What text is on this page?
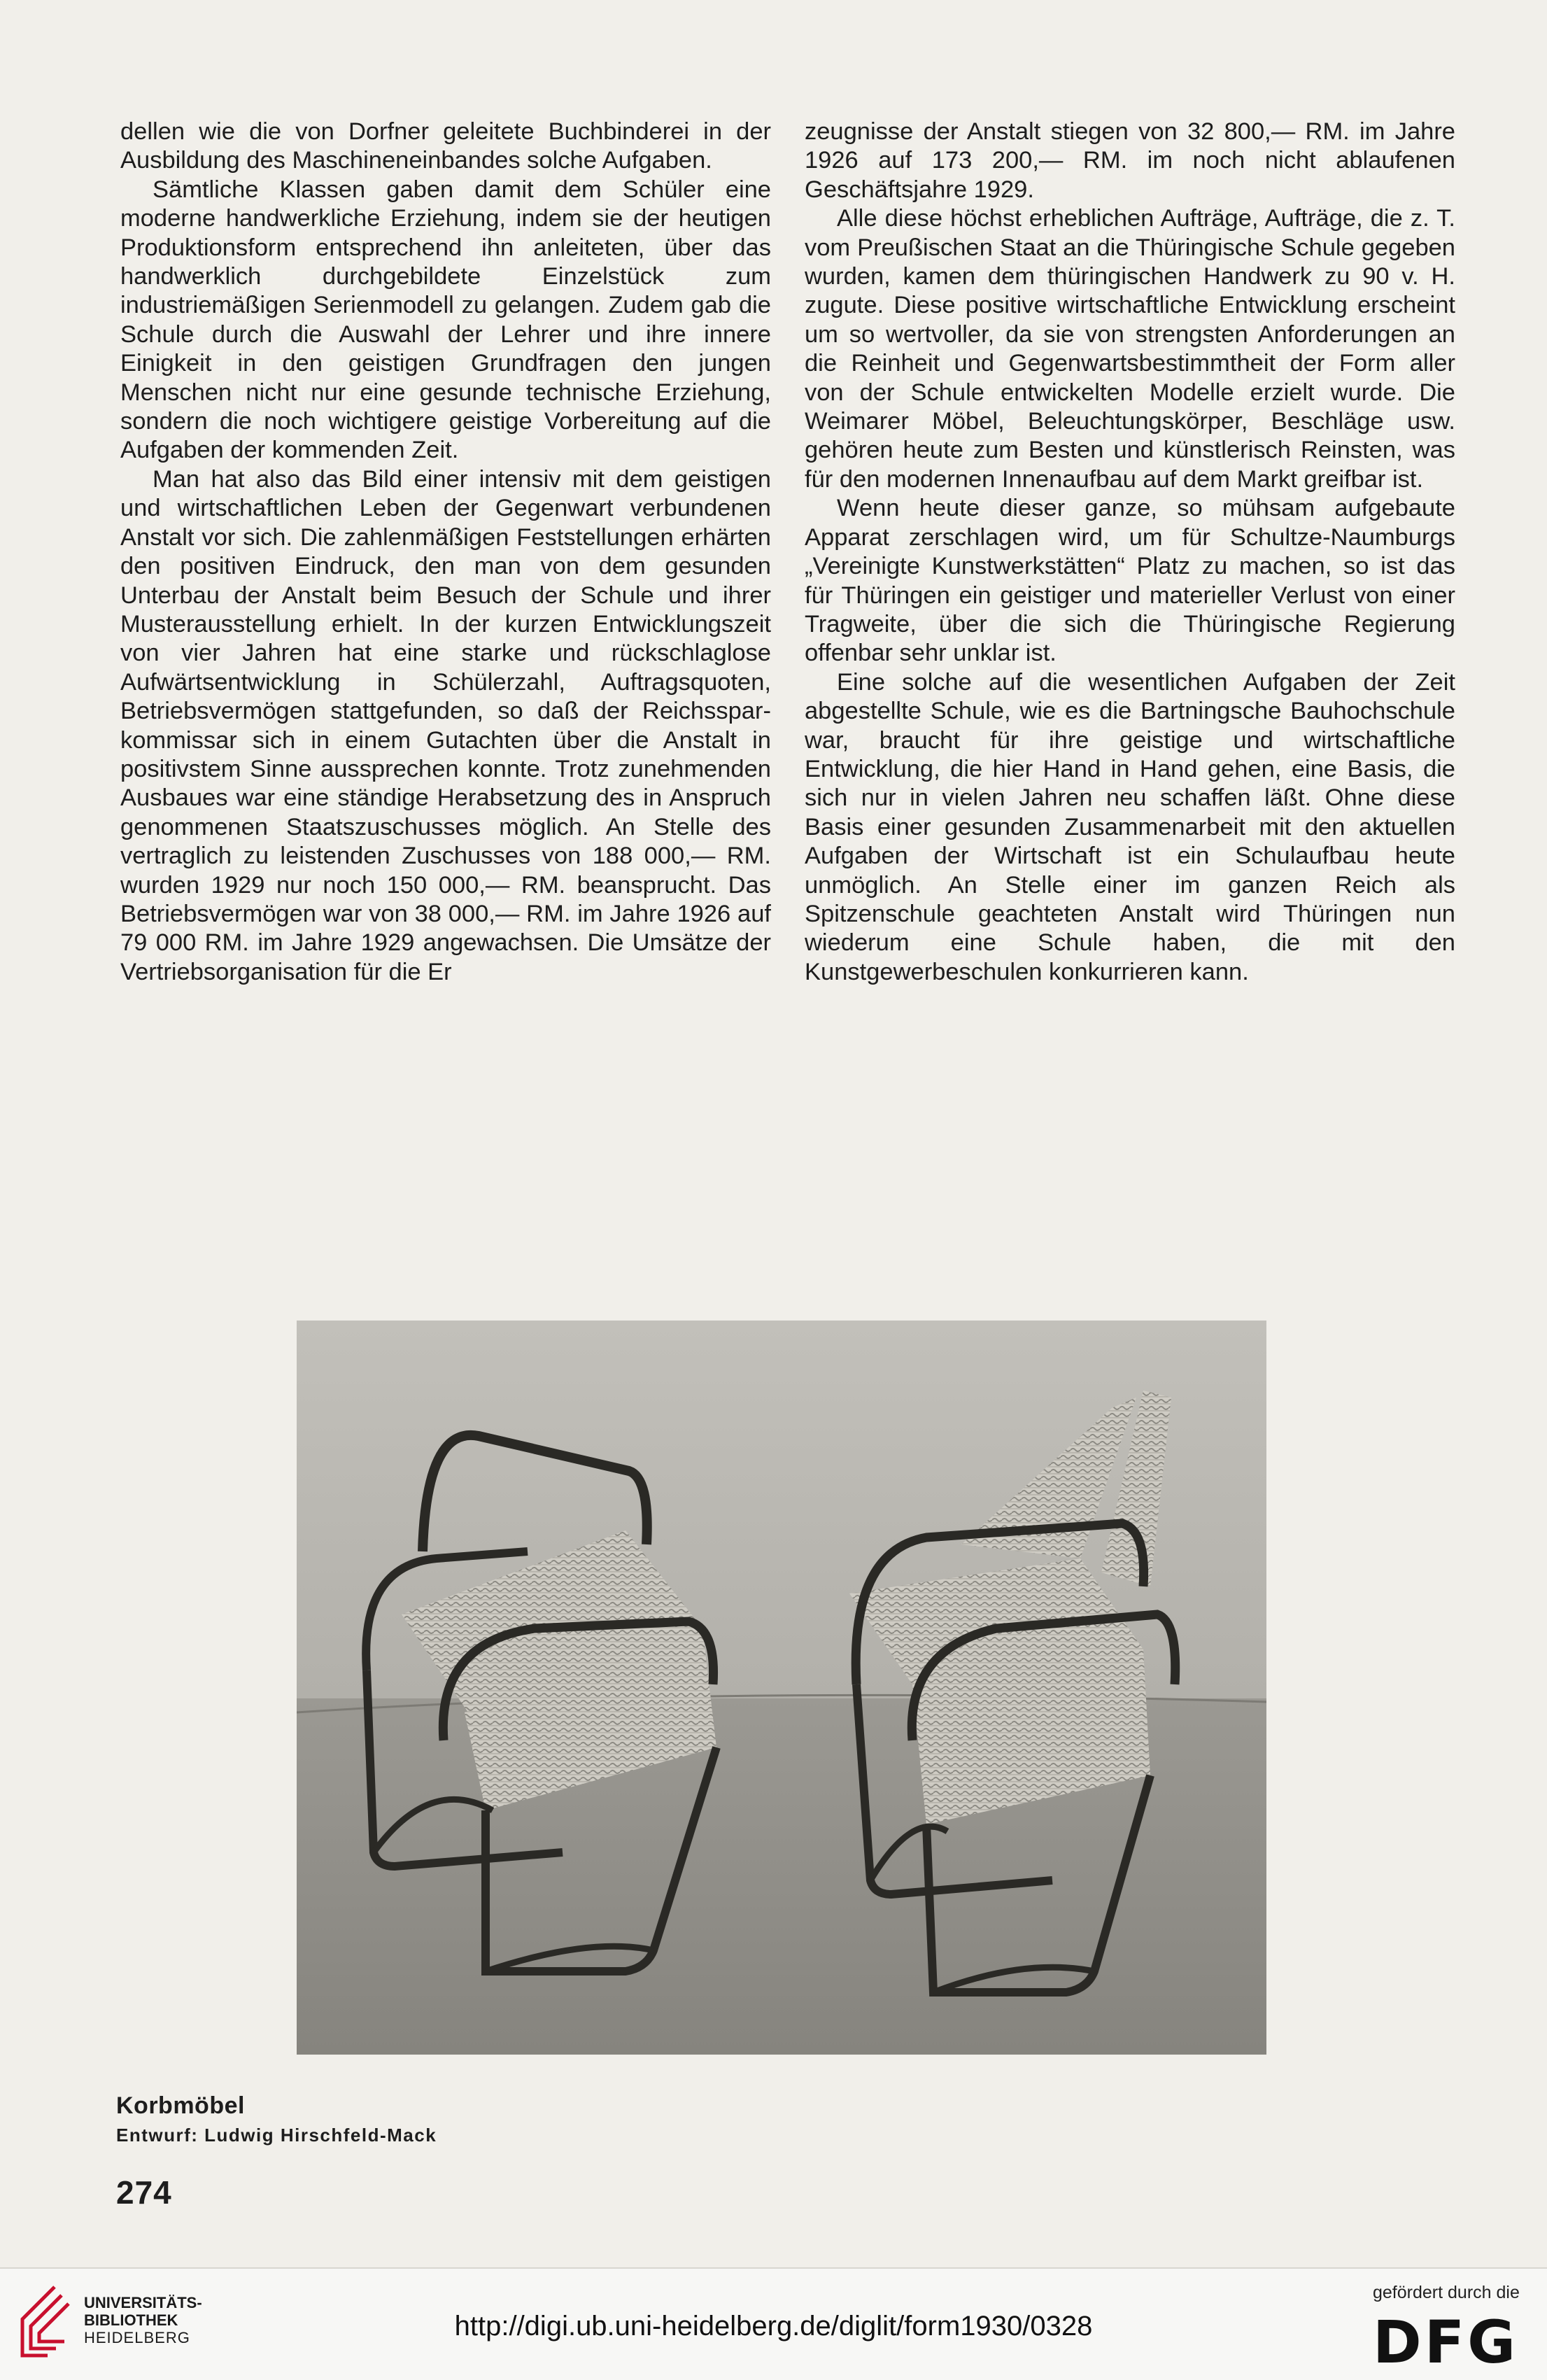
dellen wie die von Dorfner geleitete Buchbinderei in der Ausbildung des Maschineneinbandes solche Aufgaben.

Sämtliche Klassen gaben damit dem Schüler eine moderne handwerkliche Erziehung, indem sie der heutigen Produktionsform entsprechend ihn anleiteten, über das handwerklich durchgebildete Einzelstück zum industriemäßigen Serienmodell zu gelangen. Zudem gab die Schule durch die Auswahl der Lehrer und ihre innere Einigkeit in den geistigen Grundfragen den jungen Menschen nicht nur eine gesunde technische Erziehung, sondern die noch wichtigere geistige Vorbereitung auf die Aufgaben der kommenden Zeit.

Man hat also das Bild einer intensiv mit dem geistigen und wirtschaftlichen Leben der Gegenwart verbundenen Anstalt vor sich. Die zahlenmäßigen Feststellungen erhärten den positiven Eindruck, den man von dem gesunden Unterbau der Anstalt beim Besuch der Schule und ihrer Musterausstellung erhielt. In der kurzen Entwicklungszeit von vier Jahren hat eine starke und rückschlaglose Aufwärtsentwicklung in Schülerzahl, Auftragsquoten, Betriebsvermögen stattgefunden, so daß der Reichssparkommissar sich in einem Gutachten über die Anstalt in positivstem Sinne aussprechen konnte. Trotz zunehmenden Ausbaues war eine ständige Herabsetzung des in Anspruch genommenen Staatszuschusses möglich. An Stelle des vertraglich zu leistenden Zuschusses von 188 000,— RM. wurden 1929 nur noch 150 000,— RM. beansprucht. Das Betriebsvermögen war von 38 000,— RM. im Jahre 1926 auf 79 000 RM. im Jahre 1929 angewachsen. Die Umsätze der Vertriebsorganisation für die Er

zeugnisse der Anstalt stiegen von 32 800,— RM. im Jahre 1926 auf 173 200,— RM. im noch nicht ablaufenen Geschäftsjahre 1929.

Alle diese höchst erheblichen Aufträge, Aufträge, die z. T. vom Preußischen Staat an die Thüringische Schule gegeben wurden, kamen dem thüringischen Handwerk zu 90 v. H. zugute. Diese positive wirtschaftliche Entwicklung erscheint um so wertvoller, da sie von strengsten Anforderungen an die Reinheit und Gegenwartsbestimmtheit der Form aller von der Schule entwickelten Modelle erzielt wurde. Die Weimarer Möbel, Beleuchtungskörper, Beschläge usw. gehören heute zum Besten und künstlerisch Reinsten, was für den modernen Innenaufbau auf dem Markt greifbar ist.

Wenn heute dieser ganze, so mühsam aufgebaute Apparat zerschlagen wird, um für Schultze-Naumburgs „Vereinigte Kunstwerkstätten“ Platz zu machen, so ist das für Thüringen ein geistiger und materieller Verlust von einer Tragweite, über die sich die Thüringische Regierung offenbar sehr unklar ist.

Eine solche auf die wesentlichen Aufgaben der Zeit abgestellte Schule, wie es die Bartningsche Bauhochschule war, braucht für ihre geistige und wirtschaftliche Entwicklung, die hier Hand in Hand gehen, eine Basis, die sich nur in vielen Jahren neu schaffen läßt. Ohne diese Basis einer gesunden Zusammenarbeit mit den aktuellen Aufgaben der Wirtschaft ist ein Schulaufbau heute unmöglich. An Stelle einer im ganzen Reich als Spitzenschule geachteten Anstalt wird Thüringen nun wiederum eine Schule haben, die mit den Kunstgewerbeschulen konkurrieren kann.

Korbmöbel
Entwurf: Ludwig Hirschfeld-Mack
274
UNIVERSITÄTS-
BIBLIOTHEK
HEIDELBERG	http://digi.ub.uni-heidelberg.de/diglit/form1930/0328
gefördert durch die
DFG
